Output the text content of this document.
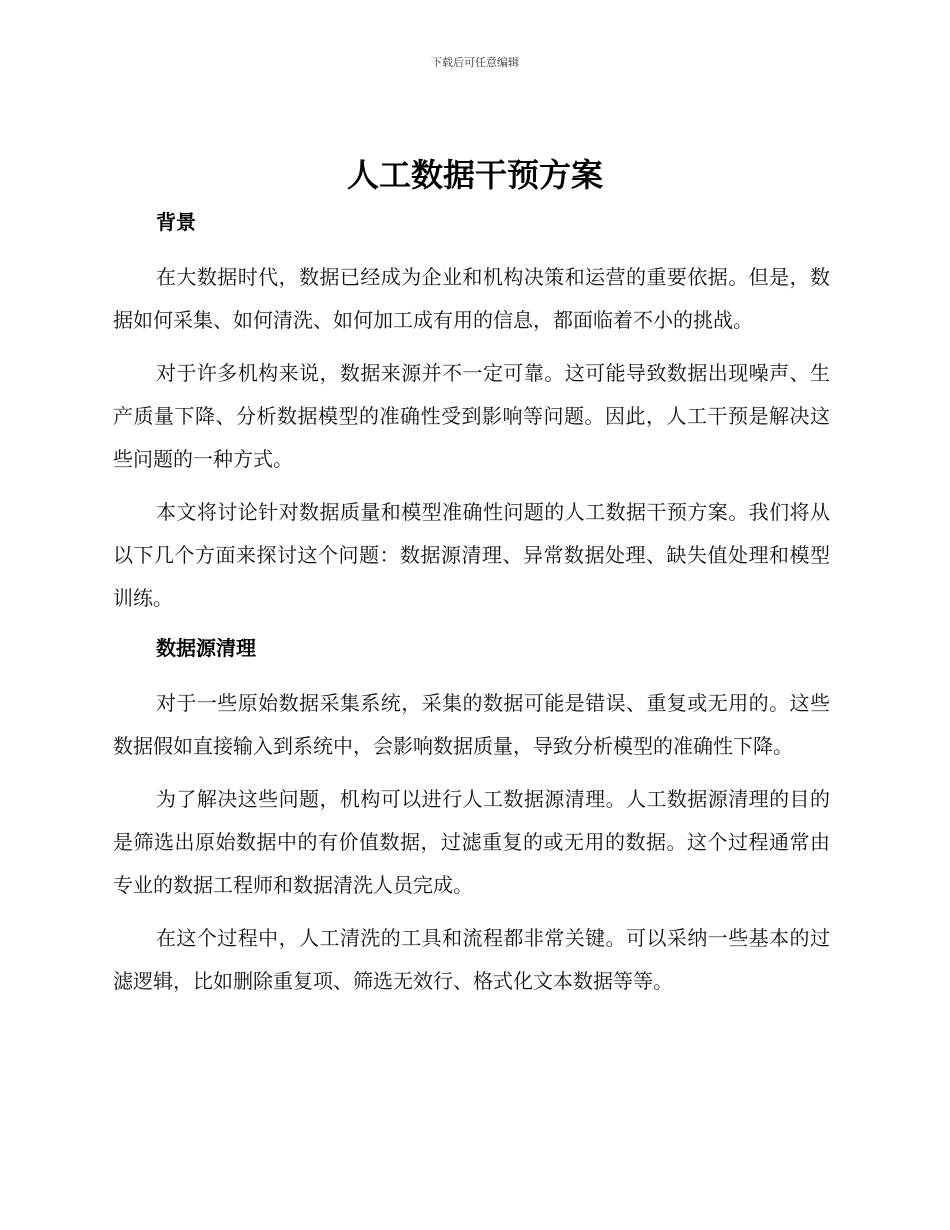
下载后可任意编辑
人工数据干预方案
背景

在大数据时代，数据已经成为企业和机构决策和运营的重要依据。但是，数据如何采集、如何清洗、如何加工成有用的信息，都面临着不小的挑战。

对于许多机构来说，数据来源并不一定可靠。这可能导致数据出现噪声、生产质量下降、分析数据模型的准确性受到影响等问题。因此，人工干预是解决这些问题的一种方式。

本文将讨论针对数据质量和模型准确性问题的人工数据干预方案。我们将从以下几个方面来探讨这个问题：数据源清理、异常数据处理、缺失值处理和模型训练。

数据源清理

对于一些原始数据采集系统，采集的数据可能是错误、重复或无用的。这些数据假如直接输入到系统中，会影响数据质量，导致分析模型的准确性下降。

为了解决这些问题，机构可以进行人工数据源清理。人工数据源清理的目的是筛选出原始数据中的有价值数据，过滤重复的或无用的数据。这个过程通常由专业的数据工程师和数据清洗人员完成。

在这个过程中，人工清洗的工具和流程都非常关键。可以采纳一些基本的过滤逻辑，比如删除重复项、筛选无效行、格式化文本数据等等。
